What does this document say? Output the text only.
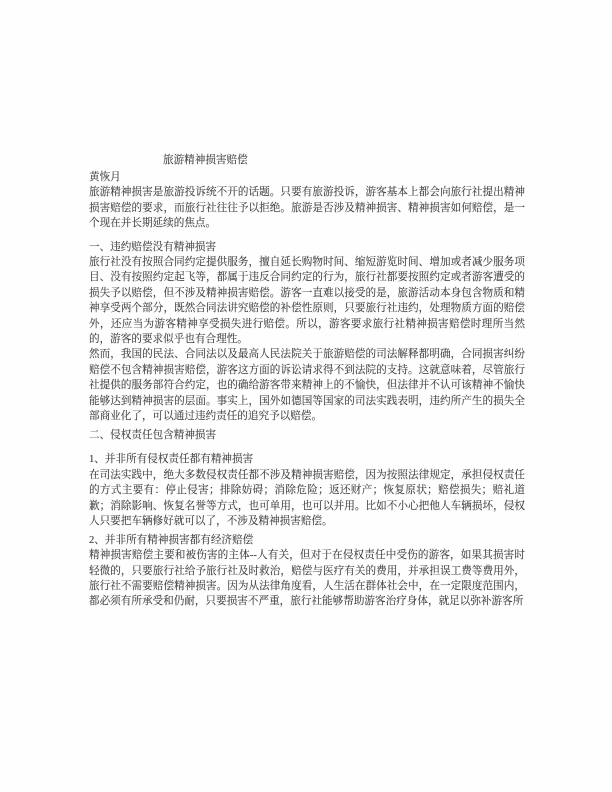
旅游精神损害赔偿
黄恢月

旅游精神损害是旅游投诉统不开的话题。只要有旅游投诉，游客基本上都会向旅行社提出精神损害赔偿的要求，而旅行社往往予以拒绝。旅游是否涉及精神损害、精神损害如何赔偿，是一个现在并长期延续的焦点。

一、违约赔偿没有精神损害

旅行社没有按照合同约定提供服务，擅自延长购物时间、缩短游览时间、增加或者减少服务项目、没有按照约定起飞等，都属于违反合同约定的行为，旅行社都要按照约定或者游客遭受的损失予以赔偿，但不涉及精神损害赔偿。游客一直难以接受的是，旅游活动本身包含物质和精神享受两个部分，既然合同法讲究赔偿的补偿性原则，只要旅行社违约，处理物质方面的赔偿外，还应当为游客精神享受损失进行赔偿。所以，游客要求旅行社精神损害赔偿时理所当然的，游客的要求似乎也有合理性。

然而，我国的民法、合同法以及最高人民法院关于旅游赔偿的司法解释都明确，合同损害纠纷赔偿不包含精神损害赔偿，游客这方面的诉讼请求得不到法院的支持。这就意味着，尽管旅行社提供的服务部符合约定，也的确给游客带来精神上的不愉快，但法律并不认可该精神不愉快能够达到精神损害的层面。事实上，国外如德国等国家的司法实践表明，违约所产生的损失全部商业化了，可以通过违约责任的追究予以赔偿。

二、侵权责任包含精神损害
1、并非所有侵权责任都有精神损害

在司法实践中，绝大多数侵权责任都不涉及精神损害赔偿，因为按照法律规定，承担侵权责任的方式主要有：停止侵害；排除妨碍；消除危险；返还财产；恢复原状；赔偿损失；赔礼道歉；消除影响、恢复名誉等方式，也可单用，也可以并用。比如不小心把他人车辆损坏，侵权人只要把车辆修好就可以了，不涉及精神损害赔偿。

2、并非所有精神损害都有经济赔偿

精神损害赔偿主要和被伤害的主体--人有关，但对于在侵权责任中受伤的游客，如果其损害时轻微的，只要旅行社给予旅行社及时救治，赔偿与医疗有关的费用，并承担误工费等费用外，旅行社不需要赔偿精神损害。因为从法律角度看，人生活在群体社会中，在一定限度范围内，都必须有所承受和仍耐，只要损害不严重，旅行社能够帮助游客治疗身体，就足以弥补游客所
